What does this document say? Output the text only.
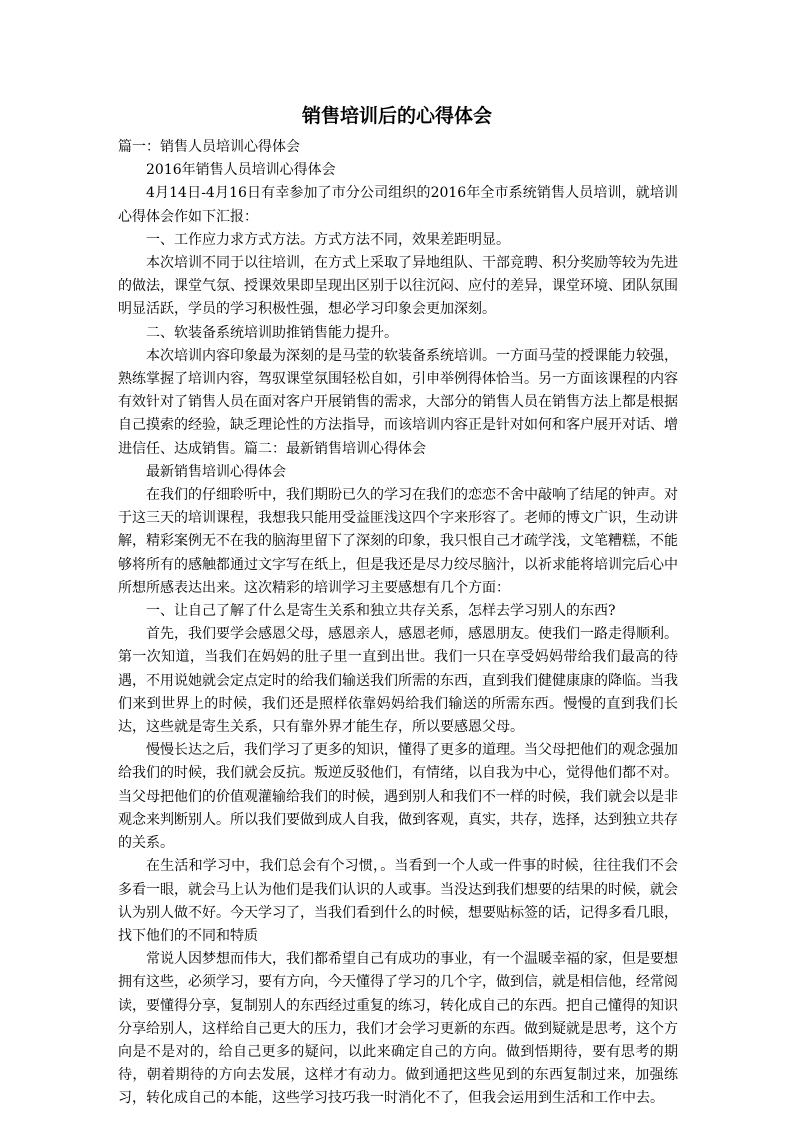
销售培训后的心得体会

篇一：销售人员培训心得体会

2016年销售人员培训心得体会

4月14日-4月16日有幸参加了市分公司组织的2016年全市系统销售人员培训，就培训心得体会作如下汇报：

一、工作应力求方式方法。方式方法不同，效果差距明显。

本次培训不同于以往培训，在方式上采取了异地组队、干部竞聘、积分奖励等较为先进的做法，课堂气氛、授课效果即呈现出区别于以往沉闷、应付的差异，课堂环境、团队氛围明显活跃，学员的学习积极性强，想必学习印象会更加深刻。

二、软装备系统培训助推销售能力提升。

本次培训内容印象最为深刻的是马莹的软装备系统培训。一方面马莹的授课能力较强，熟练掌握了培训内容，驾驭课堂氛围轻松自如，引申举例得体恰当。另一方面该课程的内容有效针对了销售人员在面对客户开展销售的需求，大部分的销售人员在销售方法上都是根据自己摸索的经验，缺乏理论性的方法指导，而该培训内容正是针对如何和客户展开对话、增进信任、达成销售。篇二：最新销售培训心得体会

最新销售培训心得体会

在我们的仔细聆听中，我们期盼已久的学习在我们的恋恋不舍中敲响了结尾的钟声。对于这三天的培训课程，我想我只能用受益匪浅这四个字来形容了。老师的博文广识，生动讲解，精彩案例无不在我的脑海里留下了深刻的印象，我只恨自己才疏学浅，文笔糟糕，不能够将所有的感触都通过文字写在纸上，但是我还是尽力绞尽脑汁，以祈求能将培训完后心中所想所感表达出来。这次精彩的培训学习主要感想有几个方面：

一、让自己了解了什么是寄生关系和独立共存关系，怎样去学习别人的东西?

首先，我们要学会感恩父母，感恩亲人，感恩老师，感恩朋友。使我们一路走得顺利。第一次知道，当我们在妈妈的肚子里一直到出世。我们一只在享受妈妈带给我们最高的待遇，不用说她就会定点定时的给我们输送我们所需的东西，直到我们健健康康的降临。当我们来到世界上的时候，我们还是照样依靠妈妈给我们输送的所需东西。慢慢的直到我们长达，这些就是寄生关系，只有靠外界才能生存，所以要感恩父母。

慢慢长达之后，我们学习了更多的知识，懂得了更多的道理。当父母把他们的观念强加给我们的时候，我们就会反抗。叛逆反驳他们，有情绪，以自我为中心，觉得他们都不对。当父母把他们的价值观灌输给我们的时候，遇到别人和我们不一样的时候，我们就会以是非观念来判断别人。所以我们要做到成人自我，做到客观，真实，共存，选择，达到独立共存的关系。

在生活和学习中，我们总会有个习惯，。当看到一个人或一件事的时候，往往我们不会多看一眼，就会马上认为他们是我们认识的人或事。当没达到我们想要的结果的时候，就会认为别人做不好。今天学习了，当我们看到什么的时候，想要贴标签的话，记得多看几眼，找下他们的不同和特质

常说人因梦想而伟大，我们都希望自己有成功的事业，有一个温暖幸福的家，但是要想拥有这些，必须学习，要有方向，今天懂得了学习的几个字，做到信，就是相信他，经常阅读，要懂得分享，复制别人的东西经过重复的练习，转化成自己的东西。把自己懂得的知识分享给别人，这样给自己更大的压力，我们才会学习更新的东西。做到疑就是思考，这个方向是不是对的，给自己更多的疑问，以此来确定自己的方向。做到悟期待，要有思考的期待，朝着期待的方向去发展，这样才有动力。做到通把这些见到的东西复制过来，加强练习，转化成自己的本能，这些学习技巧我一时消化不了，但我会运用到生活和工作中去。
